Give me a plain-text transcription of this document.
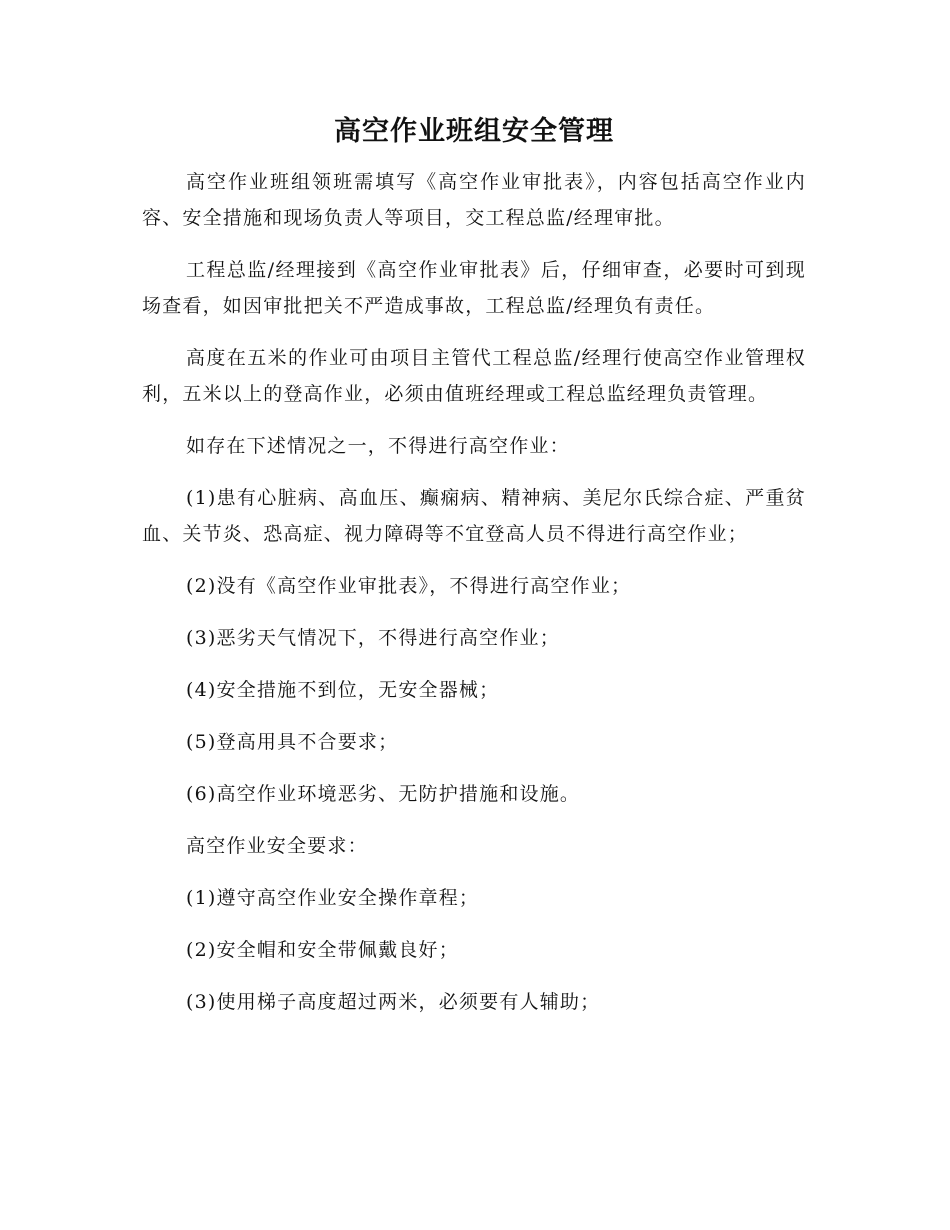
高空作业班组安全管理

高空作业班组领班需填写《高空作业审批表》，内容包括高空作业内容、安全措施和现场负责人等项目，交工程总监/经理审批。

工程总监/经理接到《高空作业审批表》后，仔细审查，必要时可到现场查看，如因审批把关不严造成事故，工程总监/经理负有责任。

高度在五米的作业可由项目主管代工程总监/经理行使高空作业管理权利，五米以上的登高作业，必须由值班经理或工程总监经理负责管理。

如存在下述情况之一，不得进行高空作业：

(1)患有心脏病、高血压、癫痫病、精神病、美尼尔氏综合症、严重贫血、关节炎、恐高症、视力障碍等不宜登高人员不得进行高空作业；

(2)没有《高空作业审批表》，不得进行高空作业；

(3)恶劣天气情况下，不得进行高空作业；

(4)安全措施不到位，无安全器械；

(5)登高用具不合要求；

(6)高空作业环境恶劣、无防护措施和设施。

高空作业安全要求：

(1)遵守高空作业安全操作章程；

(2)安全帽和安全带佩戴良好；

(3)使用梯子高度超过两米，必须要有人辅助；
